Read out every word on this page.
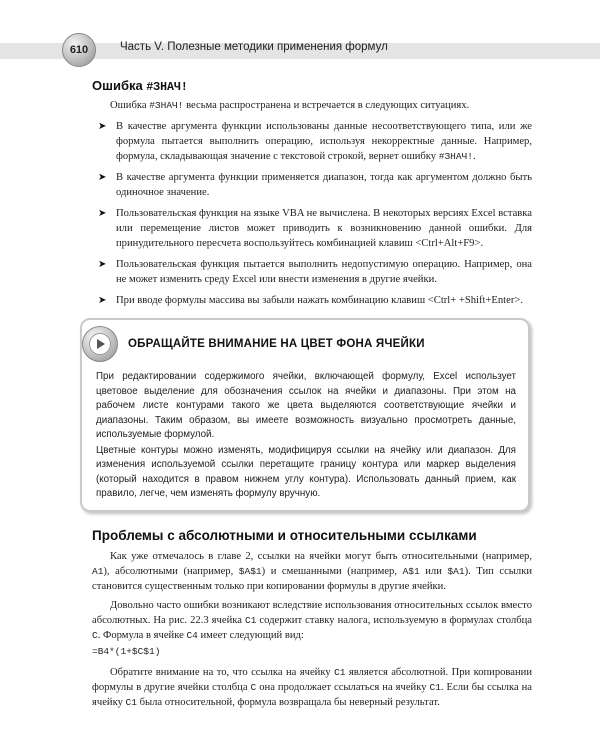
610	Часть V. Полезные методики применения формул
Ошибка #ЗНАЧ!

Ошибка #ЗНАЧ! весьма распространена и встречается в следующих ситуациях.

➤ В качестве аргумента функции использованы данные несоответствующего типа, или же формула пытается выполнить операцию, используя некорректные данные. Например, формула, складывающая значение с текстовой строкой, вернет ошибку #ЗНАЧ!.
➤ В качестве аргумента функции применяется диапазон, тогда как аргументом должно быть одиночное значение.
➤ Пользовательская функция на языке VBA не вычислена. В некоторых версиях Excel вставка или перемещение листов может приводить к возникновению данной ошибки. Для принудительного пересчета воспользуйтесь комбинацией клавиш <Ctrl+Alt+F9>.
➤ Пользовательская функция пытается выполнить недопустимую операцию. Например, она не может изменить среду Excel или внести изменения в другие ячейки.
➤ При вводе формулы массива вы забыли нажать комбинацию клавиш <Ctrl+ +Shift+Enter>.
ОБРАЩАЙТЕ ВНИМАНИЕ НА ЦВЕТ ФОНА ЯЧЕЙКИ

При редактировании содержимого ячейки, включающей формулу, Excel использует цветовое выделение для обозначения ссылок на ячейки и диапазоны. При этом на рабочем листе контурами такого же цвета выделяются соответствующие ячейки и диапазоны. Таким образом, вы имеете возможность визуально просмотреть данные, используемые формулой.

Цветные контуры можно изменять, модифицируя ссылки на ячейку или диапазон. Для изменения используемой ссылки перетащите границу контура или маркер выделения (который находится в правом нижнем углу контура). Использовать данный прием, как правило, легче, чем изменять формулу вручную.

Проблемы с абсолютными и относительными ссылками

Как уже отмечалось в главе 2, ссылки на ячейки могут быть относительными (например, A1), абсолютными (например, $A$1) и смешанными (например, A$1 или $A1). Тип ссылки становится существенным только при копировании формулы в другие ячейки.

Довольно часто ошибки возникают вследствие использования относительных ссылок вместо абсолютных. На рис. 22.3 ячейка C1 содержит ставку налога, используемую в формулах столбца C. Формула в ячейке C4 имеет следующий вид:

=B4*(1+$C$1)

Обратите внимание на то, что ссылка на ячейку C1 является абсолютной. При копировании формулы в другие ячейки столбца C она продолжает ссылаться на ячейку C1. Если бы ссылка на ячейку C1 была относительной, формула возвращала бы неверный результат.
